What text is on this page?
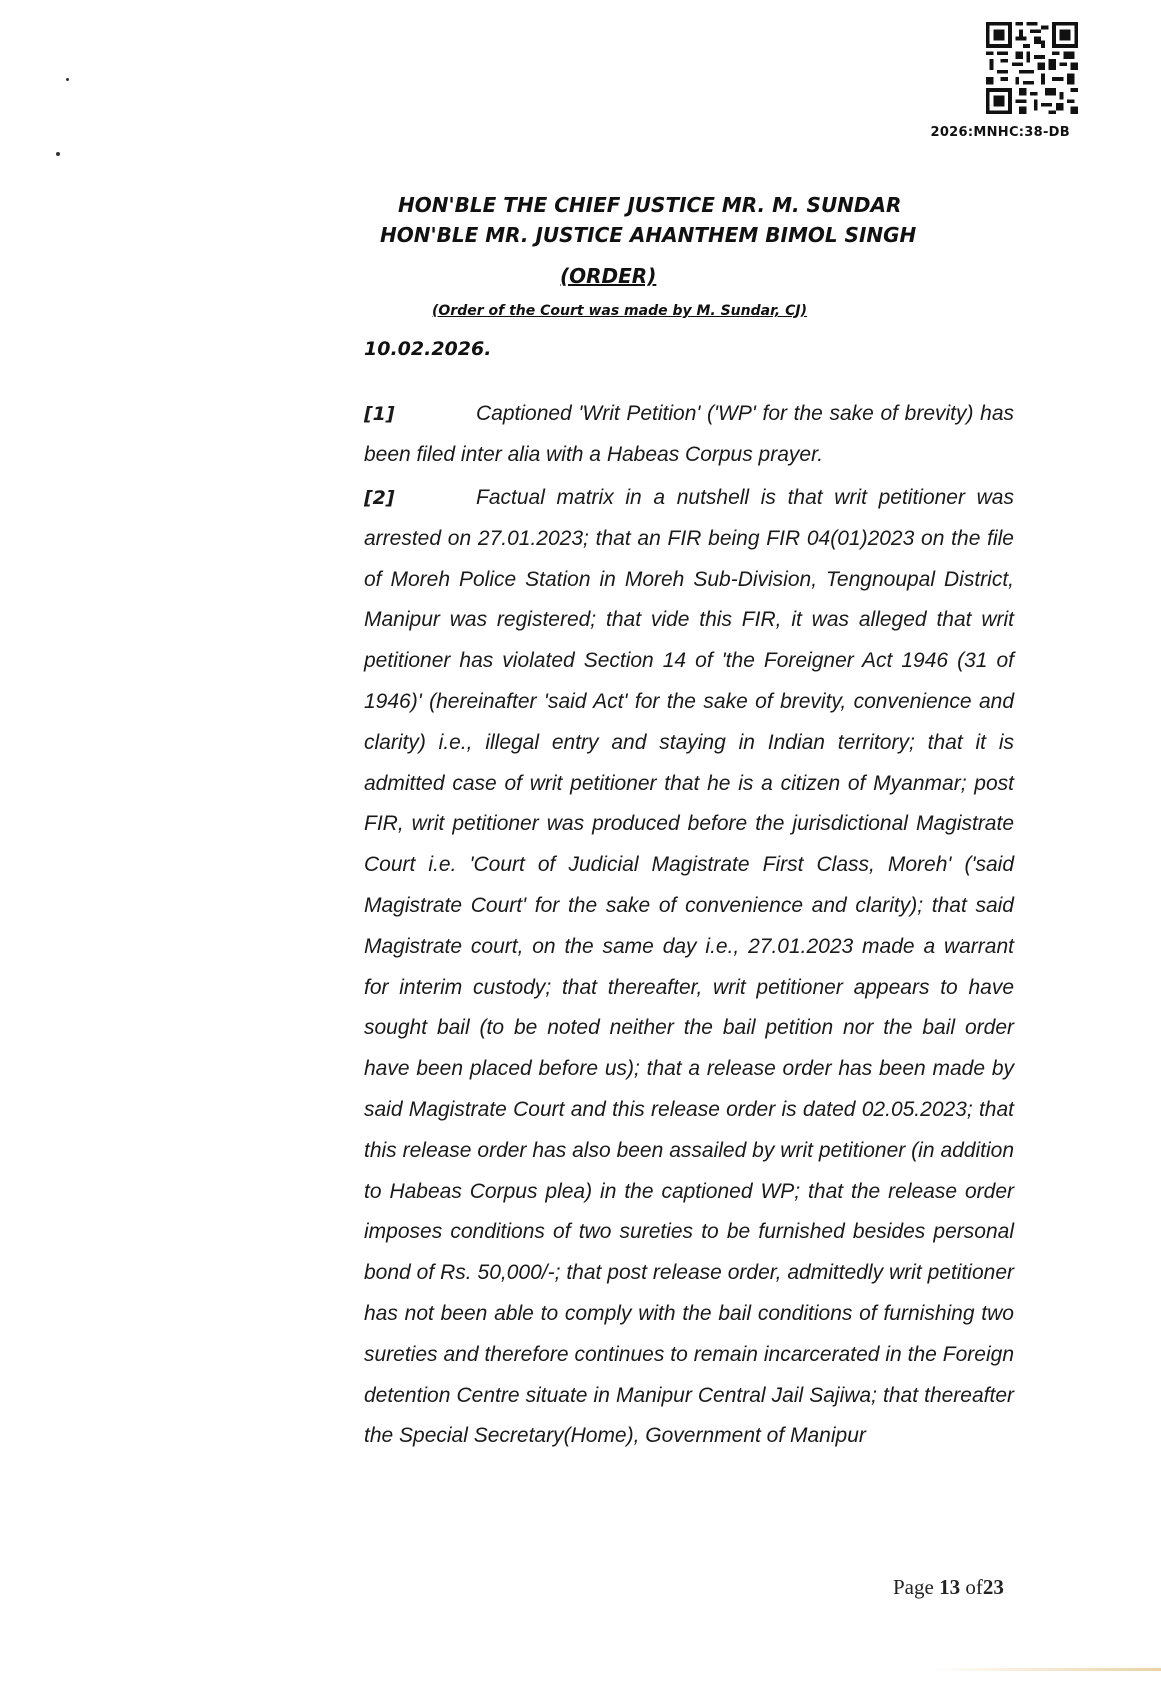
2026:MNHC:38-DB
HON'BLE THE CHIEF JUSTICE MR. M. SUNDAR
HON'BLE MR. JUSTICE AHANTHEM BIMOL SINGH
(ORDER)
(Order of the Court was made by M. Sundar, CJ)
10.02.2026.
[1]	Captioned 'Writ Petition' ('WP' for the sake of brevity) has been filed inter alia with a Habeas Corpus prayer.
[2]	Factual matrix in a nutshell is that writ petitioner was arrested on 27.01.2023; that an FIR being FIR 04(01)2023 on the file of Moreh Police Station in Moreh Sub-Division, Tengnoupal District, Manipur was registered; that vide this FIR, it was alleged that writ petitioner has violated Section 14 of 'the Foreigner Act 1946 (31 of 1946)' (hereinafter 'said Act' for the sake of brevity, convenience and clarity) i.e., illegal entry and staying in Indian territory; that it is admitted case of writ petitioner that he is a citizen of Myanmar; post FIR, writ petitioner was produced before the jurisdictional Magistrate Court i.e. 'Court of Judicial Magistrate First Class, Moreh' ('said Magistrate Court' for the sake of convenience and clarity); that said Magistrate court, on the same day i.e., 27.01.2023 made a warrant for interim custody; that thereafter, writ petitioner appears to have sought bail (to be noted neither the bail petition nor the bail order have been placed before us); that a release order has been made by said Magistrate Court and this release order is dated 02.05.2023; that this release order has also been assailed by writ petitioner (in addition to Habeas Corpus plea) in the captioned WP; that the release order imposes conditions of two sureties to be furnished besides personal bond of Rs. 50,000/-; that post release order, admittedly writ petitioner has not been able to comply with the bail conditions of furnishing two sureties and therefore continues to remain incarcerated in the Foreign detention Centre situate in Manipur Central Jail Sajiwa; that thereafter the Special Secretary(Home), Government of Manipur
Page 13 of23
